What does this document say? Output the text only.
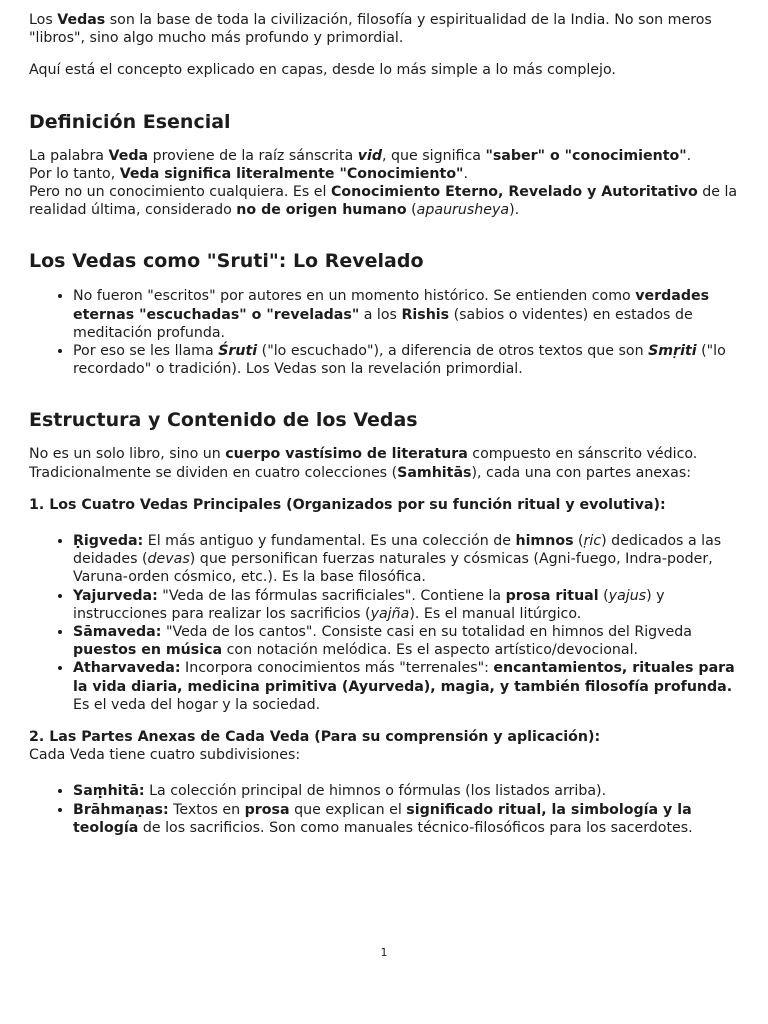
Los Vedas son la base de toda la civilización, filosofía y espiritualidad de la India. No son meros "libros", sino algo mucho más profundo y primordial.

Aquí está el concepto explicado en capas, desde lo más simple a lo más complejo.

Definición Esencial

La palabra Veda proviene de la raíz sánscrita vid, que significa "saber" o "conocimiento".
Por lo tanto, Veda significa literalmente "Conocimiento".
Pero no un conocimiento cualquiera. Es el Conocimiento Eterno, Revelado y Autoritativo de la realidad última, considerado no de origen humano (apaurusheya).

Los Vedas como "Sruti": Lo Revelado
• No fueron "escritos" por autores en un momento histórico. Se entienden como verdades eternas "escuchadas" o "reveladas" a los Rishis (sabios o videntes) en estados de meditación profunda.
• Por eso se les llama Śruti ("lo escuchado"), a diferencia de otros textos que son Smṛiti ("lo recordado" o tradición). Los Vedas son la revelación primordial.
Estructura y Contenido de los Vedas

No es un solo libro, sino un cuerpo vastísimo de literatura compuesto en sánscrito védico. Tradicionalmente se dividen en cuatro colecciones (Samhitās), cada una con partes anexas:

1. Los Cuatro Vedas Principales (Organizados por su función ritual y evolutiva):

• Ṛigveda: El más antiguo y fundamental. Es una colección de himnos (ṛic) dedicados a las deidades (devas) que personifican fuerzas naturales y cósmicas (Agni-fuego, Indra-poder, Varuna-orden cósmico, etc.). Es la base filosófica.
• Yajurveda: "Veda de las fórmulas sacrificiales". Contiene la prosa ritual (yajus) y instrucciones para realizar los sacrificios (yajña). Es el manual litúrgico.
• Sāmaveda: "Veda de los cantos". Consiste casi en su totalidad en himnos del Rigveda puestos en música con notación melódica. Es el aspecto artístico/devocional.
• Atharvaveda: Incorpora conocimientos más "terrenales": encantamientos, rituales para la vida diaria, medicina primitiva (Ayurveda), magia, y también filosofía profunda. Es el veda del hogar y la sociedad.

2. Las Partes Anexas de Cada Veda (Para su comprensión y aplicación):
Cada Veda tiene cuatro subdivisiones:

• Saṃhitā: La colección principal de himnos o fórmulas (los listados arriba).
• Brāhmaṇas: Textos en prosa que explican el significado ritual, la simbología y la teología de los sacrificios. Son como manuales técnico-filosóficos para los sacerdotes.
1
